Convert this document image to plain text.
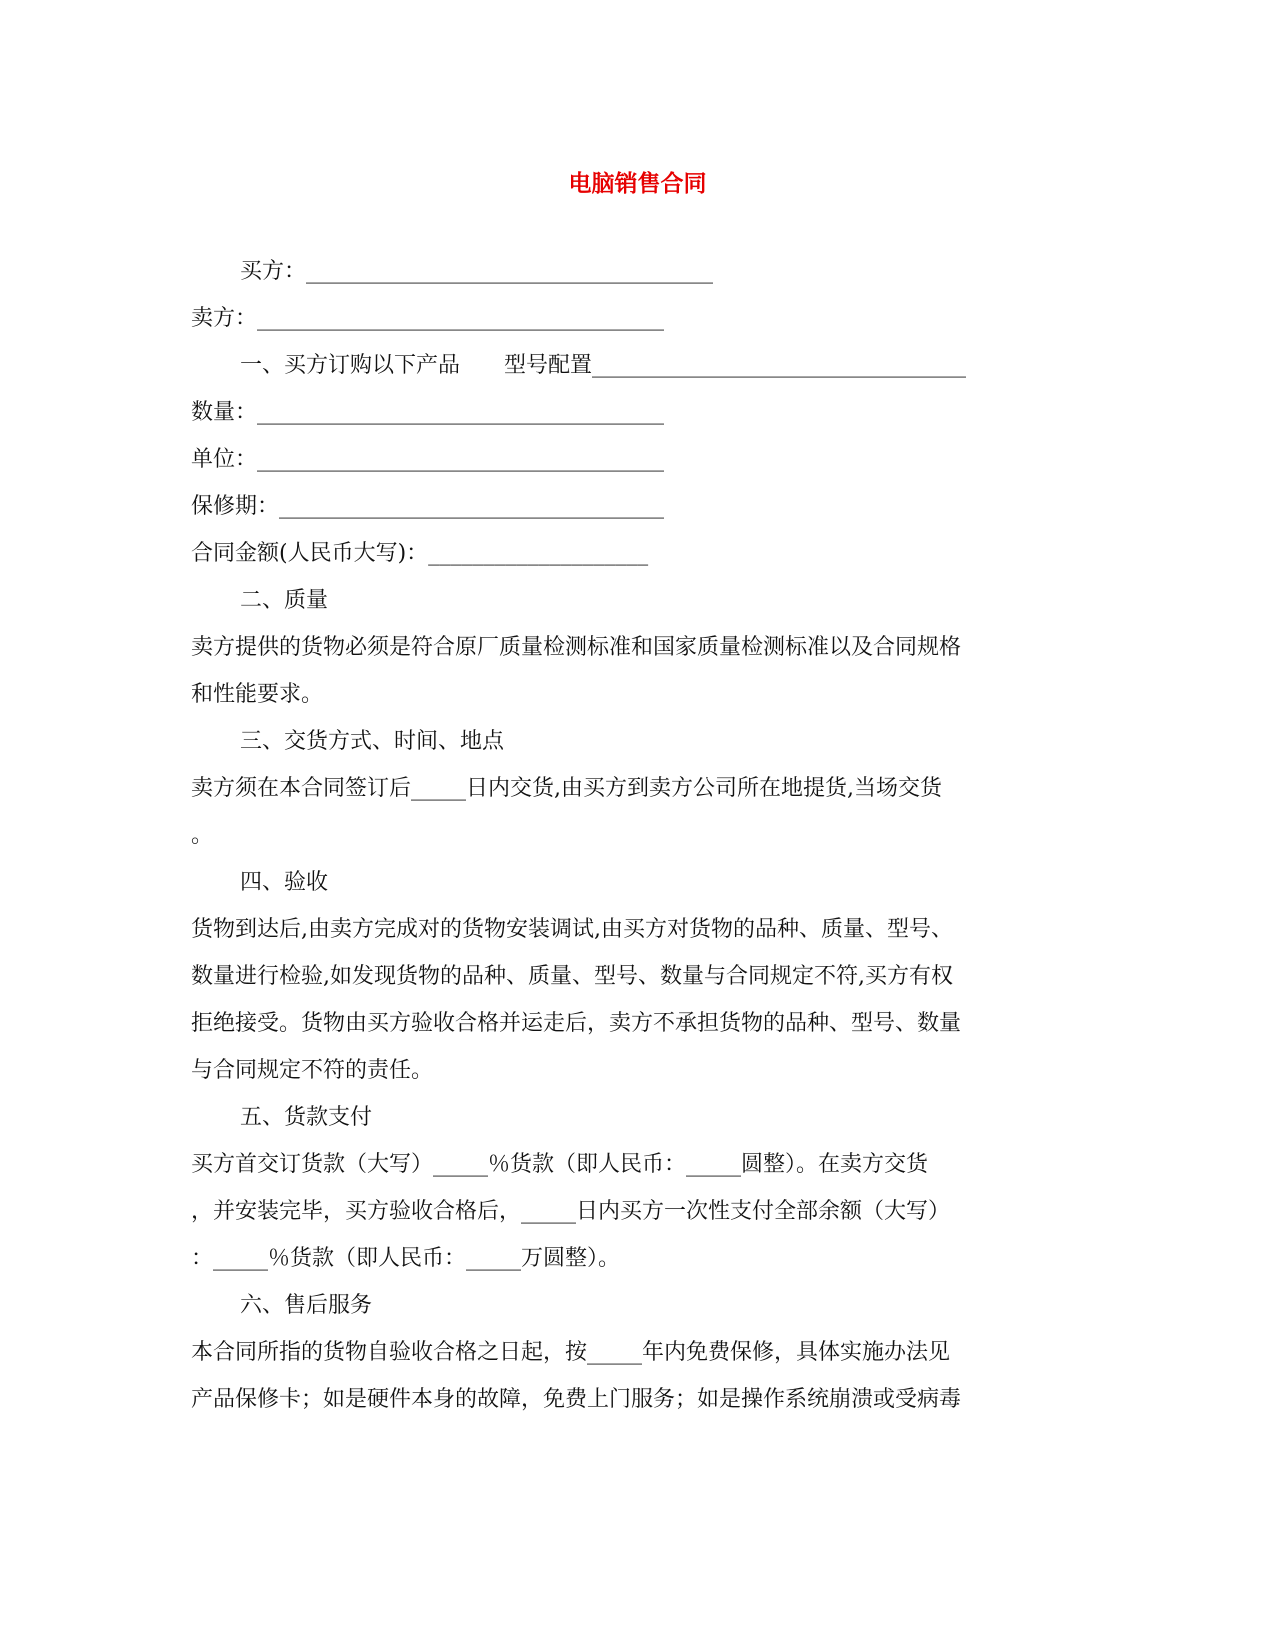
电脑销售合同

买方：_____________________________________

卖方：_____________________________________

一、买方订购以下产品　　型号配置__________________________________

数量：_____________________________________

单位：_____________________________________

保修期：___________________________________

合同金额(人民币大写)：____________________

二、质量

卖方提供的货物必须是符合原厂质量检测标准和国家质量检测标准以及合同规格

和性能要求。

三、交货方式、时间、地点

卖方须在本合同签订后_____日内交货,由买方到卖方公司所在地提货,当场交货

。

四、验收

货物到达后,由卖方完成对的货物安装调试,由买方对货物的品种、质量、型号、

数量进行检验,如发现货物的品种、质量、型号、数量与合同规定不符,买方有权

拒绝接受。货物由买方验收合格并运走后，卖方不承担货物的品种、型号、数量

与合同规定不符的责任。

五、货款支付

买方首交订货款（大写）_____％货款（即人民币：_____圆整）。在卖方交货

，并安装完毕，买方验收合格后，_____日内买方一次性支付全部余额（大写）

：_____％货款（即人民币：_____万圆整）。

六、售后服务

本合同所指的货物自验收合格之日起，按_____年内免费保修，具体实施办法见

产品保修卡；如是硬件本身的故障，免费上门服务；如是操作系统崩溃或受病毒
